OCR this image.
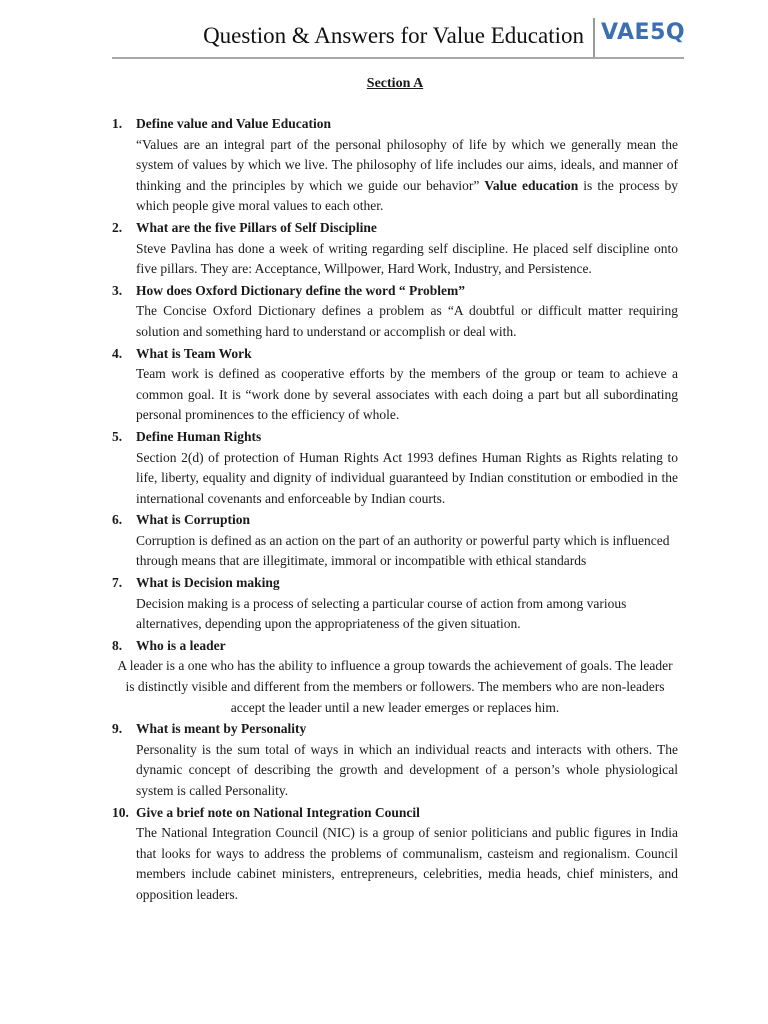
Question & Answers for Value Education VAE5Q
Section A
1. Define value and Value Education
“Values are an integral part of the personal philosophy of life by which we generally mean the system of values by which we live. The philosophy of life includes our aims, ideals, and manner of thinking and the principles by which we guide our behavior” Value education is the process by which people give moral values to each other.
2. What are the five Pillars of Self Discipline
Steve Pavlina has done a week of writing regarding self discipline. He placed self discipline onto five pillars. They are: Acceptance, Willpower, Hard Work, Industry, and Persistence.
3. How does Oxford Dictionary define the word “ Problem”
The Concise Oxford Dictionary defines a problem as “A doubtful or difficult matter requiring solution and something hard to understand or accomplish or deal with.
4. What is Team Work
Team work is defined as cooperative efforts by the members of the group or team to achieve a common goal. It is “work done by several associates with each doing a part but all subordinating personal prominences to the efficiency of whole.
5. Define Human Rights
Section 2(d) of protection of Human Rights Act 1993 defines Human Rights as Rights relating to life, liberty, equality and dignity of individual guaranteed by Indian constitution or embodied in the international covenants and enforceable by Indian courts.
6. What is Corruption
Corruption is defined as an action on the part of an authority or powerful party which is influenced through means that are illegitimate, immoral or incompatible with ethical standards
7. What is Decision making
Decision making is a process of selecting a particular course of action from among various alternatives, depending upon the appropriateness of the given situation.
8. Who is a leader
A leader is a one who has the ability to influence a group towards the achievement of goals. The leader is distinctly visible and different from the members or followers. The members who are non-leaders accept the leader until a new leader emerges or replaces him.
9. What is meant by Personality
Personality is the sum total of ways in which an individual reacts and interacts with others. The dynamic concept of describing the growth and development of a person’s whole physiological system is called Personality.
10. Give a brief note on National Integration Council
The National Integration Council (NIC) is a group of senior politicians and public figures in India that looks for ways to address the problems of communalism, casteism and regionalism. Council members include cabinet ministers, entrepreneurs, celebrities, media heads, chief ministers, and opposition leaders.
